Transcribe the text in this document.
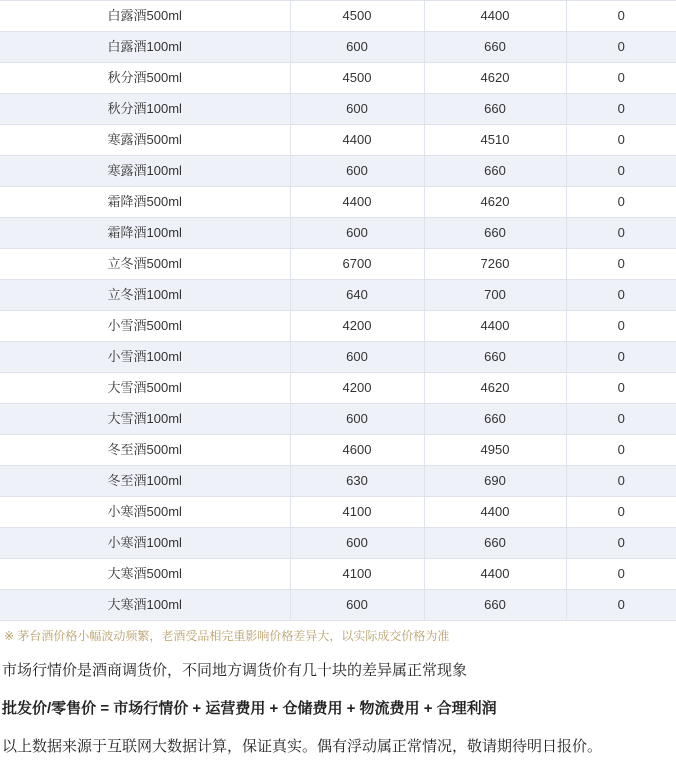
白露酒500ml	4500	4400	0
白露酒100ml	600	660	0
秋分酒500ml	4500	4620	0
秋分酒100ml	600	660	0
寒露酒500ml	4400	4510	0
寒露酒100ml	600	660	0
霜降酒500ml	4400	4620	0
霜降酒100ml	600	660	0
立冬酒500ml	6700	7260	0
立冬酒100ml	640	700	0
小雪酒500ml	4200	4400	0
小雪酒100ml	600	660	0
大雪酒500ml	4200	4620	0
大雪酒100ml	600	660	0
冬至酒500ml	4600	4950	0
冬至酒100ml	630	690	0
小寒酒500ml	4100	4400	0
小寒酒100ml	600	660	0
大寒酒500ml	4100	4400	0
大寒酒100ml	600	660	0
※ 茅台酒价格小幅波动频繁，老酒受品相完重影响价格差异大，以实际成交价格为准

市场行情价是酒商调货价，不同地方调货价有几十块的差异属正常现象

批发价/零售价 = 市场行情价 + 运营费用 + 仓储费用 + 物流费用 + 合理利润

以上数据来源于互联网大数据计算，保证真实。偶有浮动属正常情况，敬请期待明日报价。
